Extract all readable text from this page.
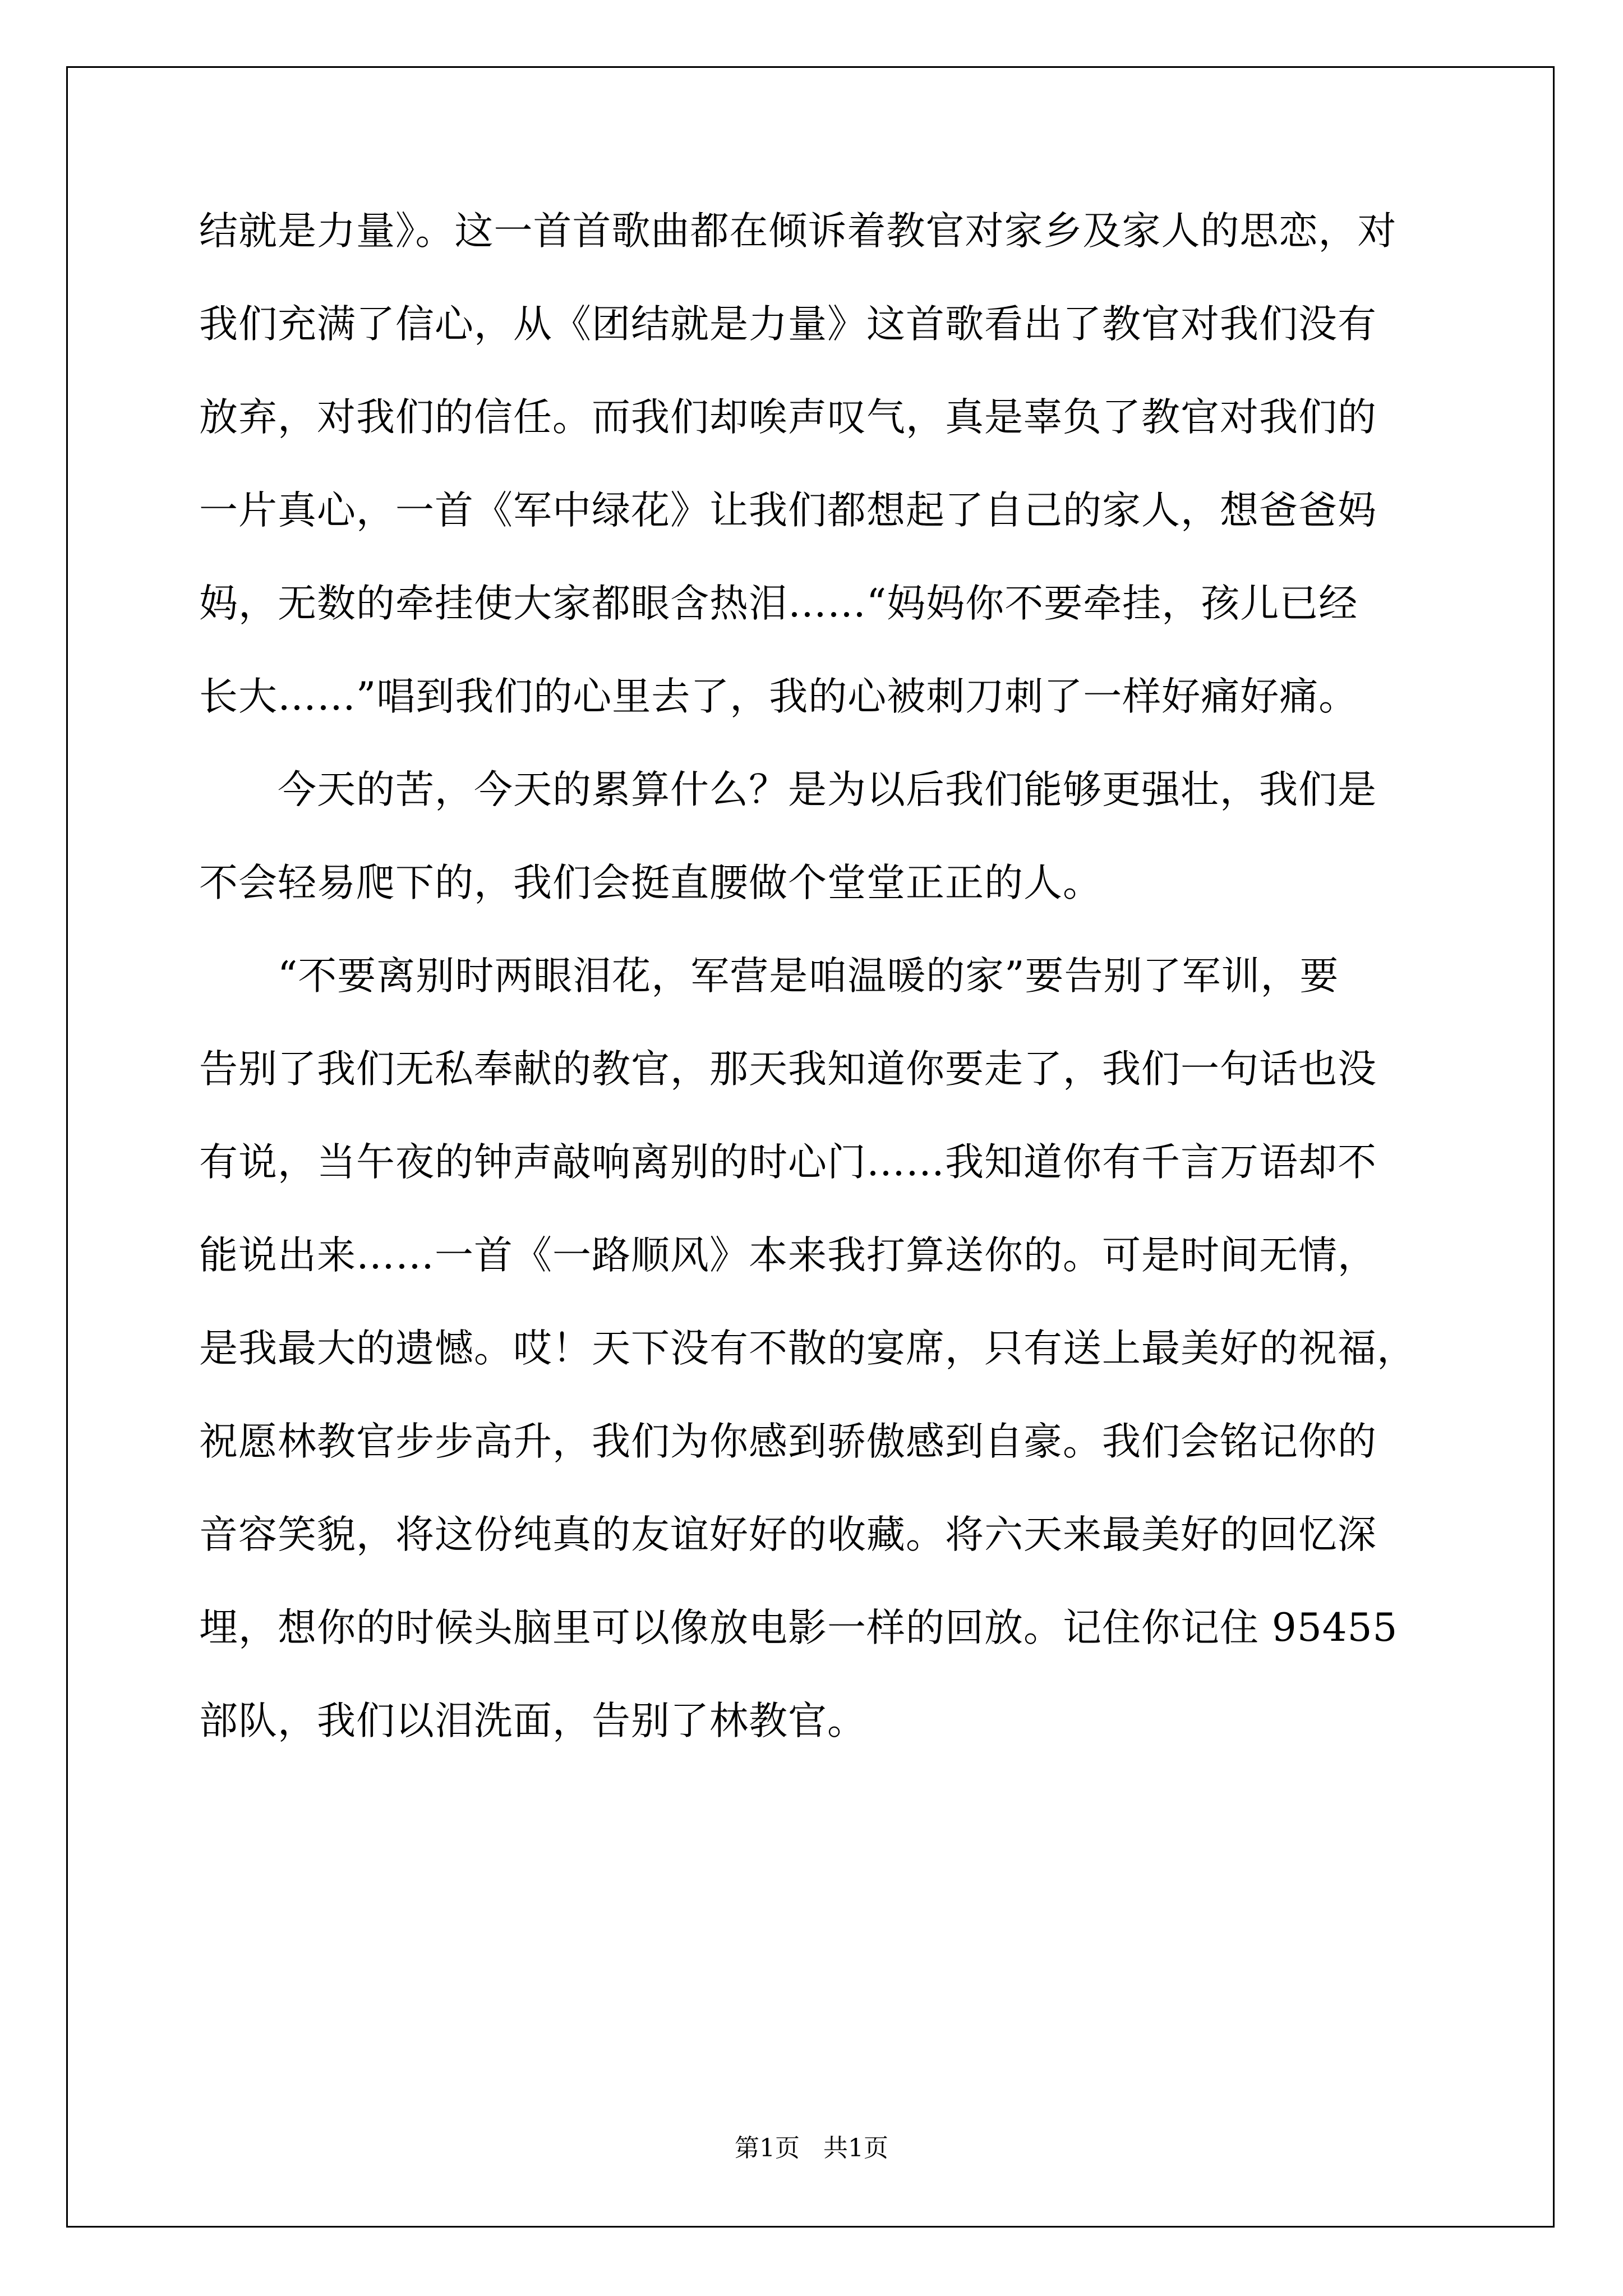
结就是力量》。这一首首歌曲都在倾诉着教官对家乡及家人的思恋，对
我们充满了信心，从《团结就是力量》这首歌看出了教官对我们没有
放弃，对我们的信任。而我们却唉声叹气，真是辜负了教官对我们的
一片真心，一首《军中绿花》让我们都想起了自己的家人，想爸爸妈
妈，无数的牵挂使大家都眼含热泪……“妈妈你不要牵挂，孩儿已经
长大……”唱到我们的心里去了，我的心被刺刀刺了一样好痛好痛。
今天的苦，今天的累算什么？是为以后我们能够更强壮，我们是
不会轻易爬下的，我们会挺直腰做个堂堂正正的人。
“不要离别时两眼泪花，军营是咱温暖的家”要告别了军训，要
告别了我们无私奉献的教官，那天我知道你要走了，我们一句话也没
有说，当午夜的钟声敲响离别的时心门……我知道你有千言万语却不
能说出来……一首《一路顺风》本来我打算送你的。可是时间无情，
是我最大的遗憾。哎！天下没有不散的宴席，只有送上最美好的祝福，
祝愿林教官步步高升，我们为你感到骄傲感到自豪。我们会铭记你的
音容笑貌，将这份纯真的友谊好好的收藏。将六天来最美好的回忆深
埋，想你的时候头脑里可以像放电影一样的回放。记住你记住 95455
部队，我们以泪洗面，告别了林教官。
第1页   共1页
